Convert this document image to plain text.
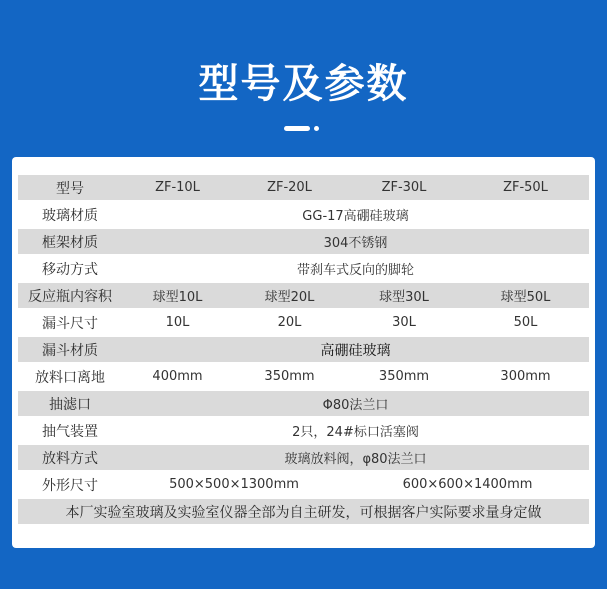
型号及参数
型号	ZF-10L	ZF-20L	ZF-30L	ZF-50L
玻璃材质	GG-17高硼硅玻璃			
框架材质	304不锈钢			
移动方式	带刹车式反向的脚轮			
反应瓶内容积	球型10L	球型20L	球型30L	球型50L
漏斗尺寸	10L	20L	30L	50L
漏斗材质	高硼硅玻璃			
放料口离地	400mm	350mm	350mm	300mm
抽滤口	Φ80法兰口			
抽气装置	2只，24#标口活塞阀			
放料方式	玻璃放料阀，φ80法兰口			
外形尺寸	500×500×1300mm		600×600×1400mm	
本厂实验室玻璃及实验室仪器全部为自主研发，可根据客户实际要求量身定做				
